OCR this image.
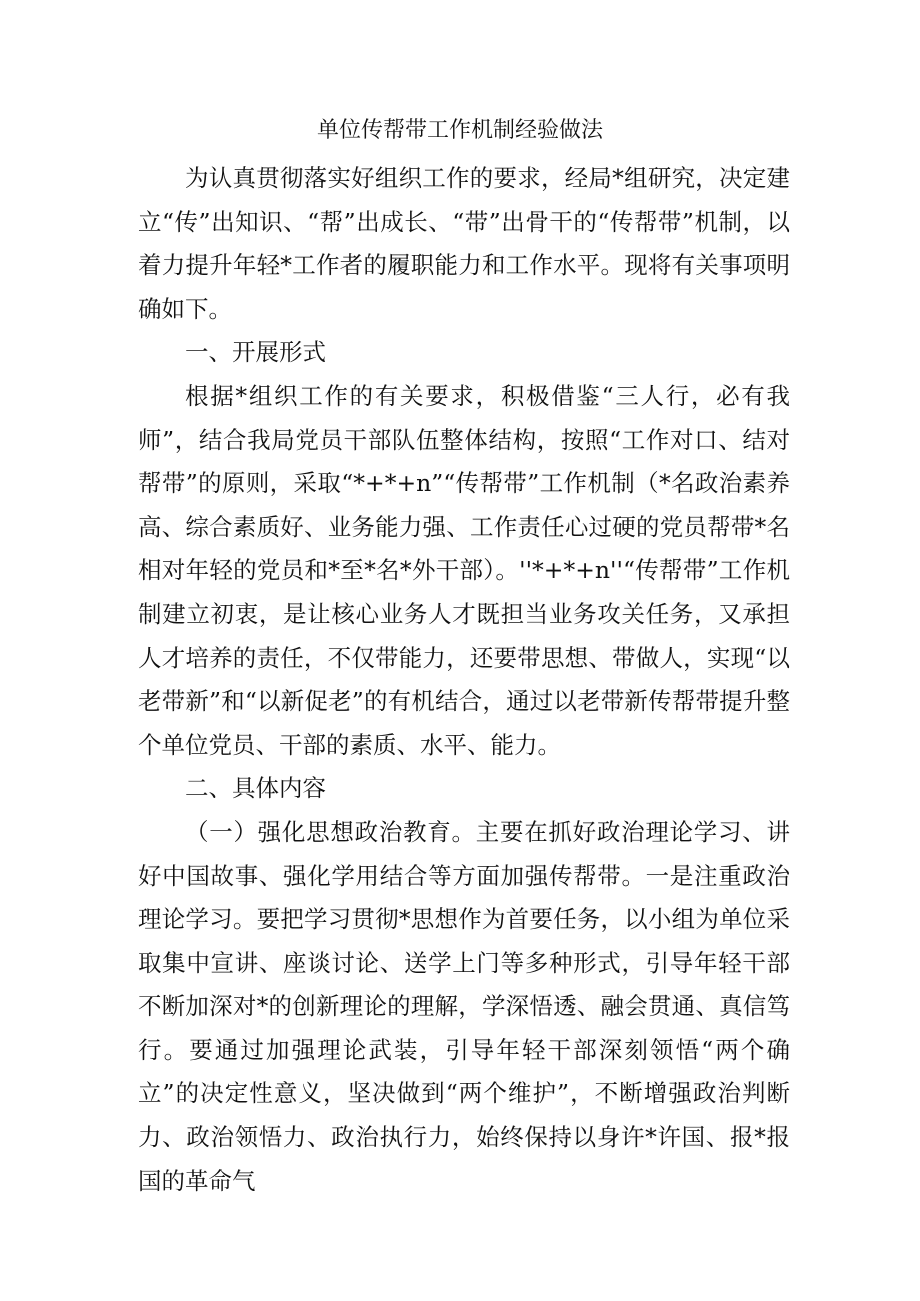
单位传帮带工作机制经验做法

为认真贯彻落实好组织工作的要求，经局*组研究，决定建立“传”出知识、“帮”出成长、“带”出骨干的“传帮带”机制，以着力提升年轻*工作者的履职能力和工作水平。现将有关事项明确如下。

一、开展形式

根据*组织工作的有关要求，积极借鉴“三人行，必有我师”，结合我局党员干部队伍整体结构，按照“工作对口、结对帮带”的原则，采取“*+*+n”“传帮带”工作机制（*名政治素养高、综合素质好、业务能力强、工作责任心过硬的党员帮带*名相对年轻的党员和*至*名*外干部）。''*+*+n''“传帮带”工作机制建立初衷，是让核心业务人才既担当业务攻关任务，又承担人才培养的责任，不仅带能力，还要带思想、带做人，实现“以老带新”和“以新促老”的有机结合，通过以老带新传帮带提升整个单位党员、干部的素质、水平、能力。

二、具体内容

（一）强化思想政治教育。主要在抓好政治理论学习、讲好中国故事、强化学用结合等方面加强传帮带。一是注重政治理论学习。要把学习贯彻*思想作为首要任务，以小组为单位采取集中宣讲、座谈讨论、送学上门等多种形式，引导年轻干部不断加深对*的创新理论的理解，学深悟透、融会贯通、真信笃行。要通过加强理论武装，引导年轻干部深刻领悟“两个确立”的决定性意义，坚决做到“两个维护”，不断增强政治判断力、政治领悟力、政治执行力，始终保持以身许*许国、报*报国的革命气
